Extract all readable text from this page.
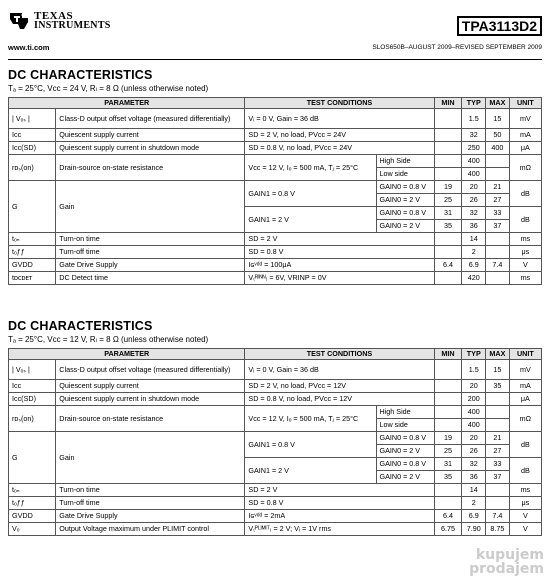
TEXAS
INSTRUMENTS	TPA3113D2
www.ti.com	SLOS650B–AUGUST 2009–REVISED SEPTEMBER 2009
DC CHARACTERISTICS
Tₐ = 25°C, Vᴄᴄ = 24 V, Rₗ = 8 Ω (unless otherwise noted)
PARAMETER		TEST CONDITIONS		MIN	TYP	MAX	UNIT
| Vₒₛ |	Class-D output offset voltage (measured differentially)	Vᵢ = 0 V, Gain = 36 dB			1.5	15	mV
Iᴄᴄ	Quiescent supply current	SD = 2 V, no load, PVᴄᴄ = 24V			32	50	mA
Iᴄᴄ(SD)	Quiescent supply current in shutdown mode	SD = 0.8 V, no load, PVᴄᴄ = 24V			250	400	μA
rᴅₛ(on)	Drain-source on-state resistance	Vᴄᴄ = 12 V, Iₒ = 500 mA, Tⱼ = 25°C	High Side		400		mΩ
			Low side		400		
G	Gain	GAIN1 = 0.8 V	GAIN0 = 0.8 V	19	20	21	dB
			GAIN0 = 2 V	25	26	27	
		GAIN1 = 2 V	GAIN0 = 0.8 V	31	32	33	dB
			GAIN0 = 2 V	35	36	37	
tₒₙ	Turn-on time	SD = 2 V			14		ms
tₒƒƒ	Turn-off time	SD = 0.8 V			2		μs
GVDD	Gate Drive Supply	Iɢᵛᵈᵈ = 100μA		6.4	6.9	7.4	V
tᴅᴄᴅᴇᴛ	DC Detect time	V₍ᴿᴵᴺᴺ₎ = 6V, VRINP = 0V			420		ms
DC CHARACTERISTICS
Tₐ = 25°C, Vᴄᴄ = 12 V, Rₗ = 8 Ω (unless otherwise noted)
PARAMETER		TEST CONDITIONS		MIN	TYP	MAX	UNIT
| Vₒₛ |	Class-D output offset voltage (measured differentially)	Vᵢ = 0 V, Gain = 36 dB			1.5	15	mV
Iᴄᴄ	Quiescent supply current	SD = 2 V, no load, PVᴄᴄ = 12V			20	35	mA
Iᴄᴄ(SD)	Quiescent supply current in shutdown mode	SD = 0.8 V, no load, PVᴄᴄ = 12V			200		μA
rᴅₛ(on)	Drain-source on-state resistance	Vᴄᴄ = 12 V, Iₒ = 500 mA, Tⱼ = 25°C	High Side		400		mΩ
			Low side		400		
G	Gain	GAIN1 = 0.8 V	GAIN0 = 0.8 V	19	20	21	dB
			GAIN0 = 2 V	25	26	27	
		GAIN1 = 2 V	GAIN0 = 0.8 V	31	32	33	dB
			GAIN0 = 2 V	35	36	37	
tₒₙ	Turn-on time	SD = 2 V			14		ms
tₒƒƒ	Turn-off time	SD = 0.8 V			2		μs
GVDD	Gate Drive Supply	Iɢᵛᵈᵈ = 2mA		6.4	6.9	7.4	V
Vₒ	Output Voltage maximum under PLIMIT control	V₍ᴾᴸᴵᴹᴵᵀ₎ = 2 V; Vᵢ = 1V rms		6.75	7.90	8.75	V
kupujem
prodajem
